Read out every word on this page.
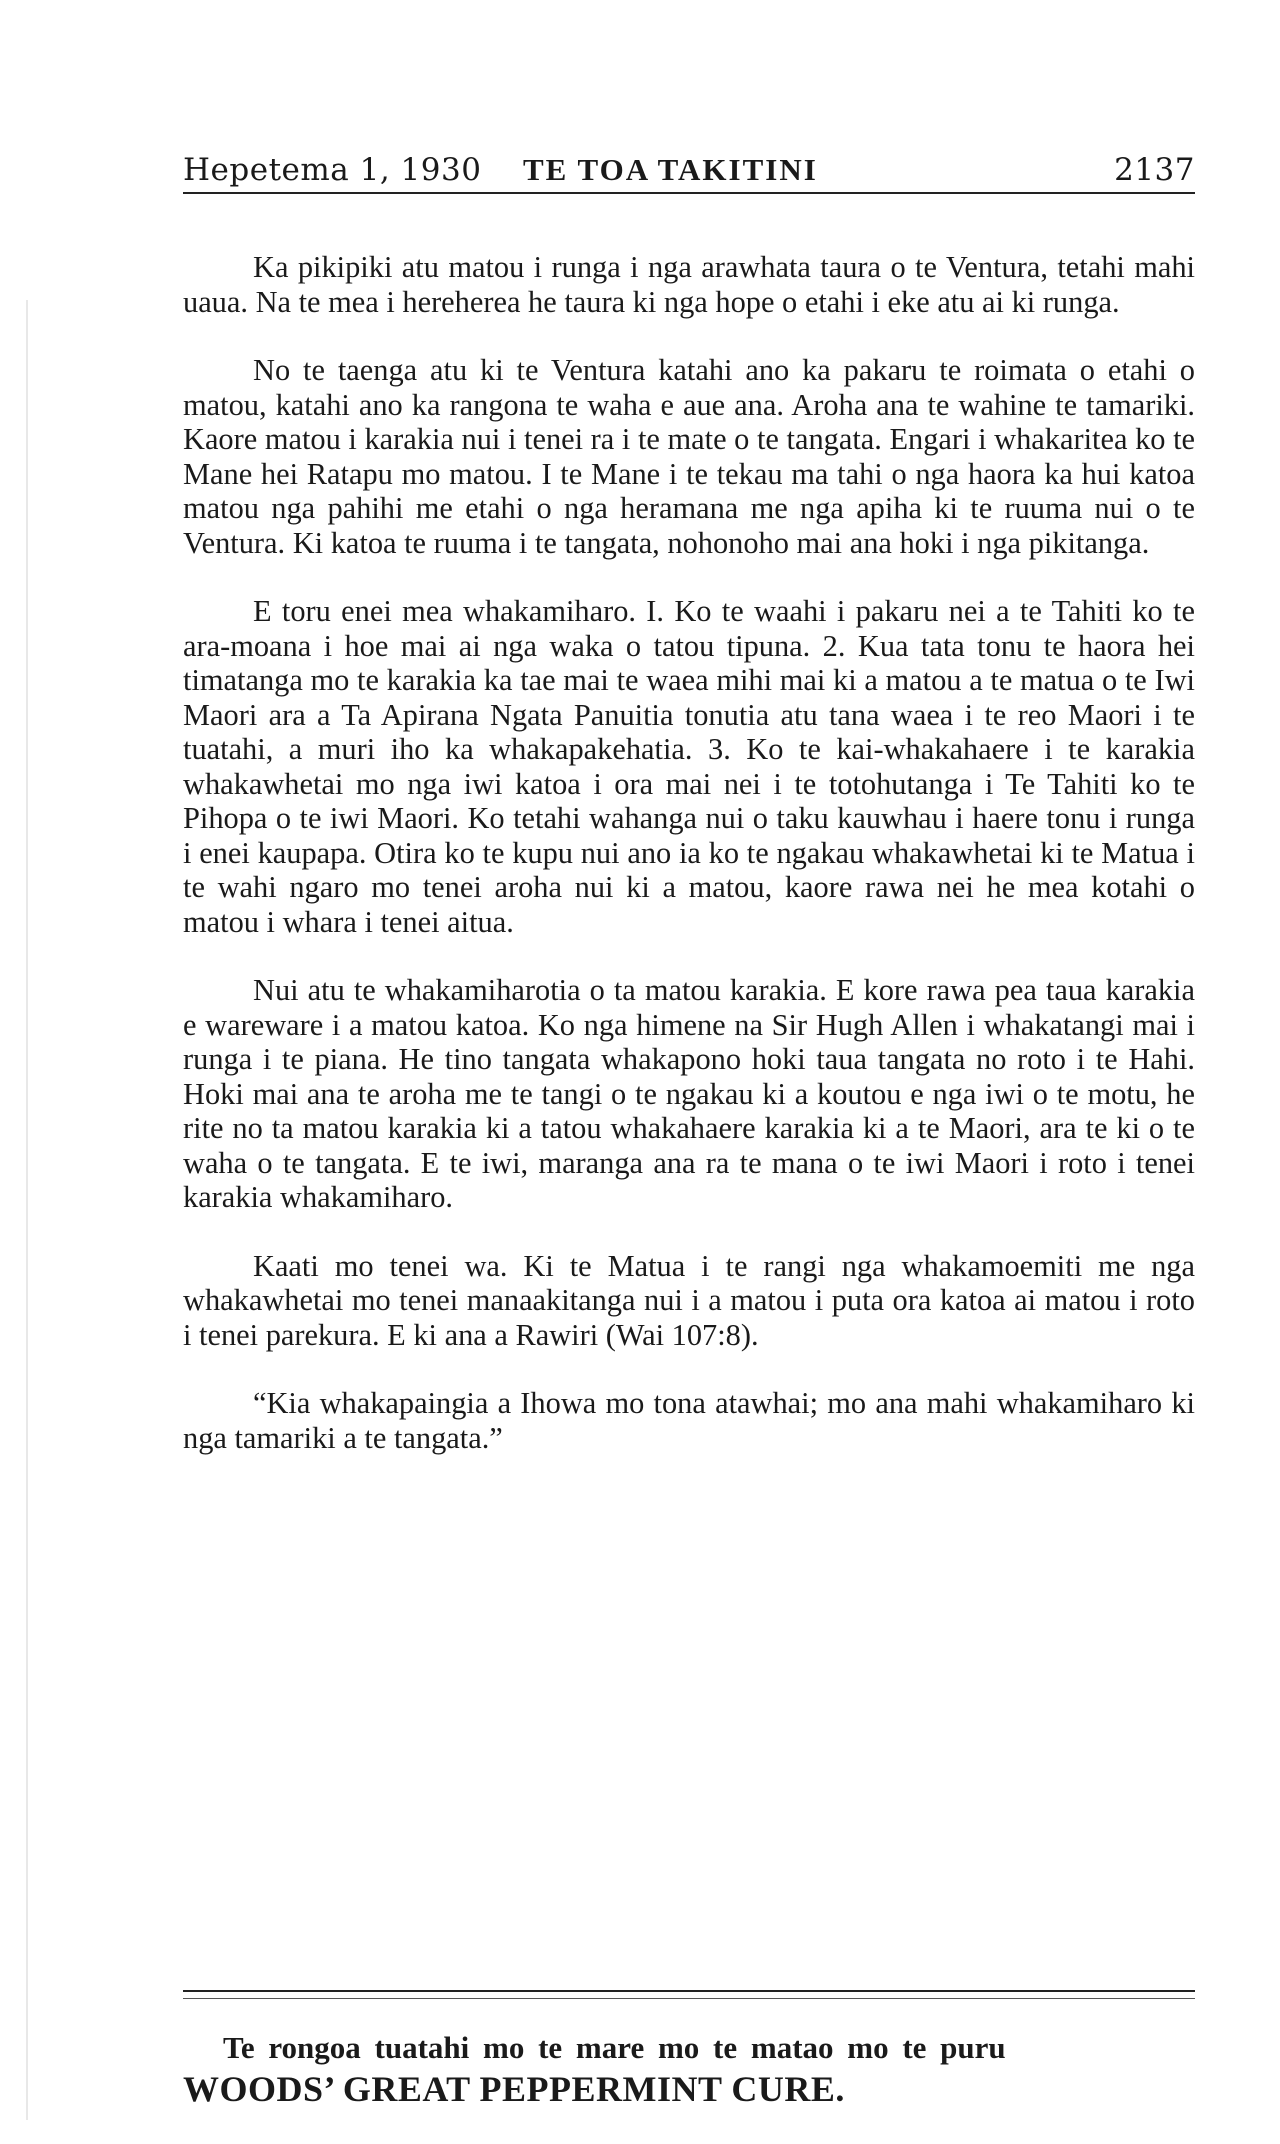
Hepetema 1, 1930 TE TOA TAKITINI	2137

Ka pikipiki atu matou i runga i nga arawhata taura o te Ventura, tetahi mahi uaua. Na te mea i hereherea he taura ki nga hope o etahi i eke atu ai ki runga.

No te taenga atu ki te Ventura katahi ano ka pakaru te roimata o etahi o matou, katahi ano ka rangona te waha e aue ana. Aroha ana te wahine te tamariki. Kaore matou i karakia nui i tenei ra i te mate o te tangata. Engari i whakaritea ko te Mane hei Ratapu mo matou. I te Mane i te tekau ma tahi o nga haora ka hui katoa matou nga pahihi me etahi o nga heramana me nga apiha ki te ruuma nui o te Ventura. Ki katoa te ruuma i te tangata, nohonoho mai ana hoki i nga pikitanga.

E toru enei mea whakamiharo. I. Ko te waahi i pakaru nei a te Tahiti ko te ara-moana i hoe mai ai nga waka o tatou tipuna. 2. Kua tata tonu te haora hei timatanga mo te karakia ka tae mai te waea mihi mai ki a matou a te matua o te Iwi Maori ara a Ta Apirana Ngata Panuitia tonutia atu tana waea i te reo Maori i te tuatahi, a muri iho ka whakapakehatia. 3. Ko te kai-whakahaere i te karakia whakawhetai mo nga iwi katoa i ora mai nei i te totohutanga i Te Tahiti ko te Pihopa o te iwi Maori. Ko tetahi wahanga nui o taku kauwhau i haere tonu i runga i enei kaupapa. Otira ko te kupu nui ano ia ko te ngakau whakawhetai ki te Matua i te wahi ngaro mo tenei aroha nui ki a matou, kaore rawa nei he mea kotahi o matou i whara i tenei aitua.

Nui atu te whakamiharotia o ta matou karakia. E kore rawa pea taua karakia e wareware i a matou katoa. Ko nga himene na Sir Hugh Allen i whakatangi mai i runga i te piana. He tino tangata whakapono hoki taua tangata no roto i te Hahi. Hoki mai ana te aroha me te tangi o te ngakau ki a koutou e nga iwi o te motu, he rite no ta matou karakia ki a tatou whakahaere karakia ki a te Maori, ara te ki o te waha o te tangata. E te iwi, maranga ana ra te mana o te iwi Maori i roto i tenei karakia whakamiharo.

Kaati mo tenei wa. Ki te Matua i te rangi nga whakamoemiti me nga whakawhetai mo tenei manaakitanga nui i a matou i puta ora katoa ai matou i roto i tenei parekura. E ki ana a Rawiri (Wai 107:8).

“Kia whakapaingia a Ihowa mo tona atawhai; mo ana mahi whakamiharo ki nga tamariki a te tangata.”

Te rongoa tuatahi mo te mare mo te matao mo te puru
WOODS’ GREAT PEPPERMINT CURE.
